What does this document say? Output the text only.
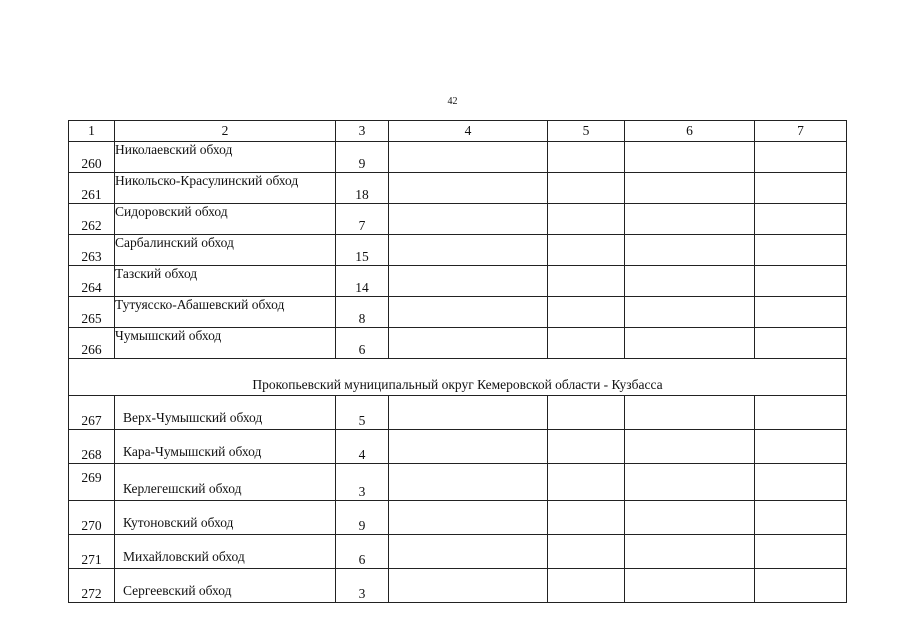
42
1	2	3	4	5	6	7
260	Николаевский обход	9				
261	Никольско-Красулинский обход	18				
262	Сидоровский обход	7				
263	Сарбалинский обход	15				
264	Тазский обход	14				
265	Тутуясско-Абашевский обход	8				
266	Чумышский обход	6				
Прокопьевский муниципальный округ Кемеровской области - Кузбасса						
267	Верх-Чумышский обход	5				
268	Кара-Чумышский обход	4				
269	Керлегешский обход	3				
270	Кутоновский обход	9				
271	Михайловский обход	6				
272	Сергеевский обход	3				
